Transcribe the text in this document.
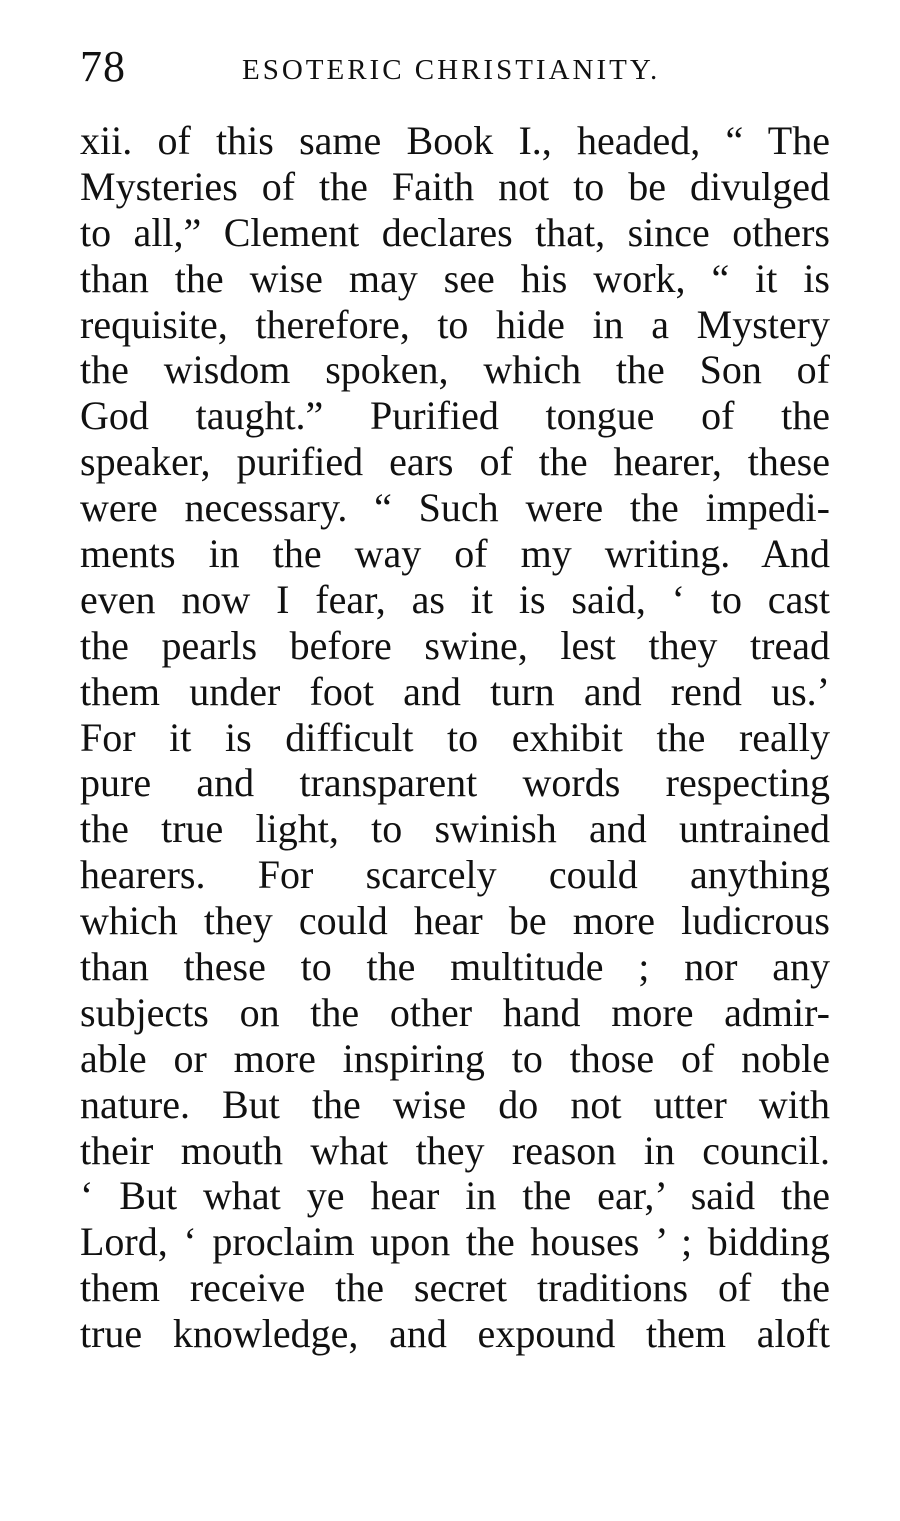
78	ESOTERIC CHRISTIANITY.
xii. of this same Book I., headed, “ The
Mysteries of the Faith not to be divulged
to all,” Clement declares that, since others
than the wise may see his work, “ it is
requisite, therefore, to hide in a Mystery
the wisdom spoken, which the Son of
God taught.” Purified tongue of the
speaker, purified ears of the hearer, these
were necessary. “ Such were the impedi-
ments in the way of my writing. And
even now I fear, as it is said, ‘ to cast
the pearls before swine, lest they tread
them under foot and turn and rend us.’
For it is difficult to exhibit the really
pure and transparent words respecting
the true light, to swinish and untrained
hearers. For scarcely could anything
which they could hear be more ludicrous
than these to the multitude ; nor any
subjects on the other hand more admir-
able or more inspiring to those of noble
nature. But the wise do not utter with
their mouth what they reason in council.
‘ But what ye hear in the ear,’ said the
Lord, ‘ proclaim upon the houses ’ ; bidding
them receive the secret traditions of the
true knowledge, and expound them aloft
